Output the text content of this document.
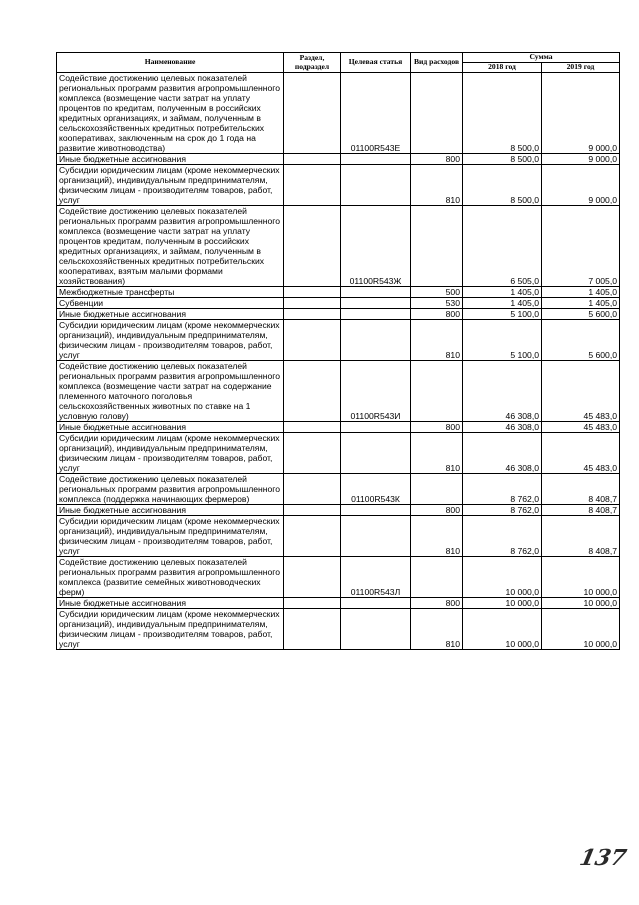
Наименование	Раздел, подраздел	Целевая статья	Вид расходов	Сумма	
				2018 год	2019 год
Содействие достижению целевых показателей региональных программ развития агропромышленного комплекса (возмещение части затрат на уплату процентов по кредитам, полученным в российских кредитных организациях, и займам, полученным в сельскохозяйственных кредитных потребительских кооперативах, заключенным на срок до 1 года на развитие животноводства)		01100R543E		8 500,0	9 000,0
Иные бюджетные ассигнования			800	8 500,0	9 000,0
Субсидии юридическим лицам (кроме некоммерческих организаций), индивидуальным предпринимателям, физическим лицам - производителям товаров, работ, услуг			810	8 500,0	9 000,0
Содействие достижению целевых показателей региональных программ развития агропромышленного комплекса (возмещение части затрат на уплату процентов кредитам, полученным в российских кредитных организациях, и займам, полученным в сельскохозяйственных кредитных потребительских кооперативах, взятым малыми формами хозяйствования)		01100R543Ж		6 505,0	7 005,0
Межбюджетные трансферты			500	1 405,0	1 405,0
Субвенции			530	1 405,0	1 405,0
Иные бюджетные ассигнования			800	5 100,0	5 600,0
Субсидии юридическим лицам (кроме некоммерческих организаций), индивидуальным предпринимателям, физическим лицам - производителям товаров, работ, услуг			810	5 100,0	5 600,0
Содействие достижению целевых показателей региональных программ развития агропромышленного комплекса (возмещение части затрат на содержание племенного маточного поголовья сельскохозяйственных животных по ставке на 1 условную голову)		01100R543И		46 308,0	45 483,0
Иные бюджетные ассигнования			800	46 308,0	45 483,0
Субсидии юридическим лицам (кроме некоммерческих организаций), индивидуальным предпринимателям, физическим лицам - производителям товаров, работ, услуг			810	46 308,0	45 483,0
Содействие достижению целевых показателей региональных программ развития агропромышленного комплекса (поддержка начинающих фермеров)		01100R543К		8 762,0	8 408,7
Иные бюджетные ассигнования			800	8 762,0	8 408,7
Субсидии юридическим лицам (кроме некоммерческих организаций), индивидуальным предпринимателям, физическим лицам - производителям товаров, работ, услуг			810	8 762,0	8 408,7
Содействие достижению целевых показателей региональных программ развития агропромышленного комплекса (развитие семейных животноводческих ферм)		01100R543Л		10 000,0	10 000,0
Иные бюджетные ассигнования			800	10 000,0	10 000,0
Субсидии юридическим лицам (кроме некоммерческих организаций), индивидуальным предпринимателям, физическим лицам - производителям товаров, работ, услуг			810	10 000,0	10 000,0
137
